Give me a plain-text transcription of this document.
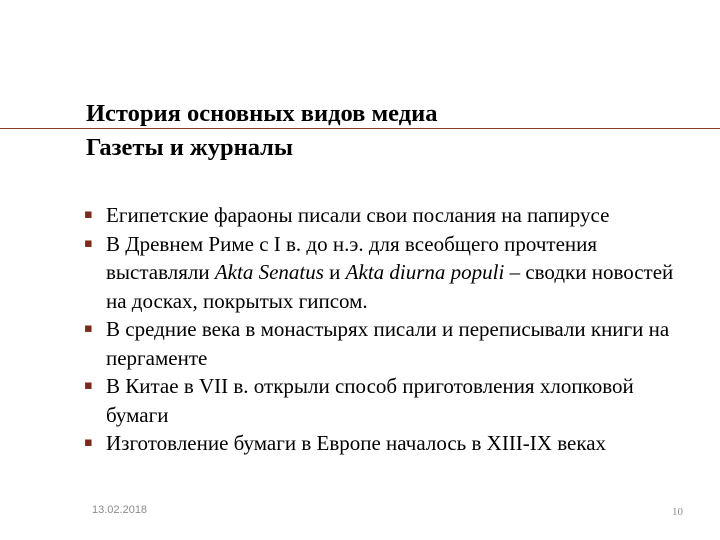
История основных видов медиа
Газеты и журналы
▪ Египетские фараоны писали свои послания на папирусе
▪ В Древнем Риме с I в. до н.э. для всеобщего прочтения выставляли Akta Senatus и Akta diurna populi – сводки новостей на досках, покрытых гипсом.
▪ В средние века в монастырях писали и переписывали книги на пергаменте
▪ В Китае в VII в. открыли способ приготовления хлопковой бумаги
▪ Изготовление бумаги в Европе началось в XIII-IX веках
13.02.2018	10
